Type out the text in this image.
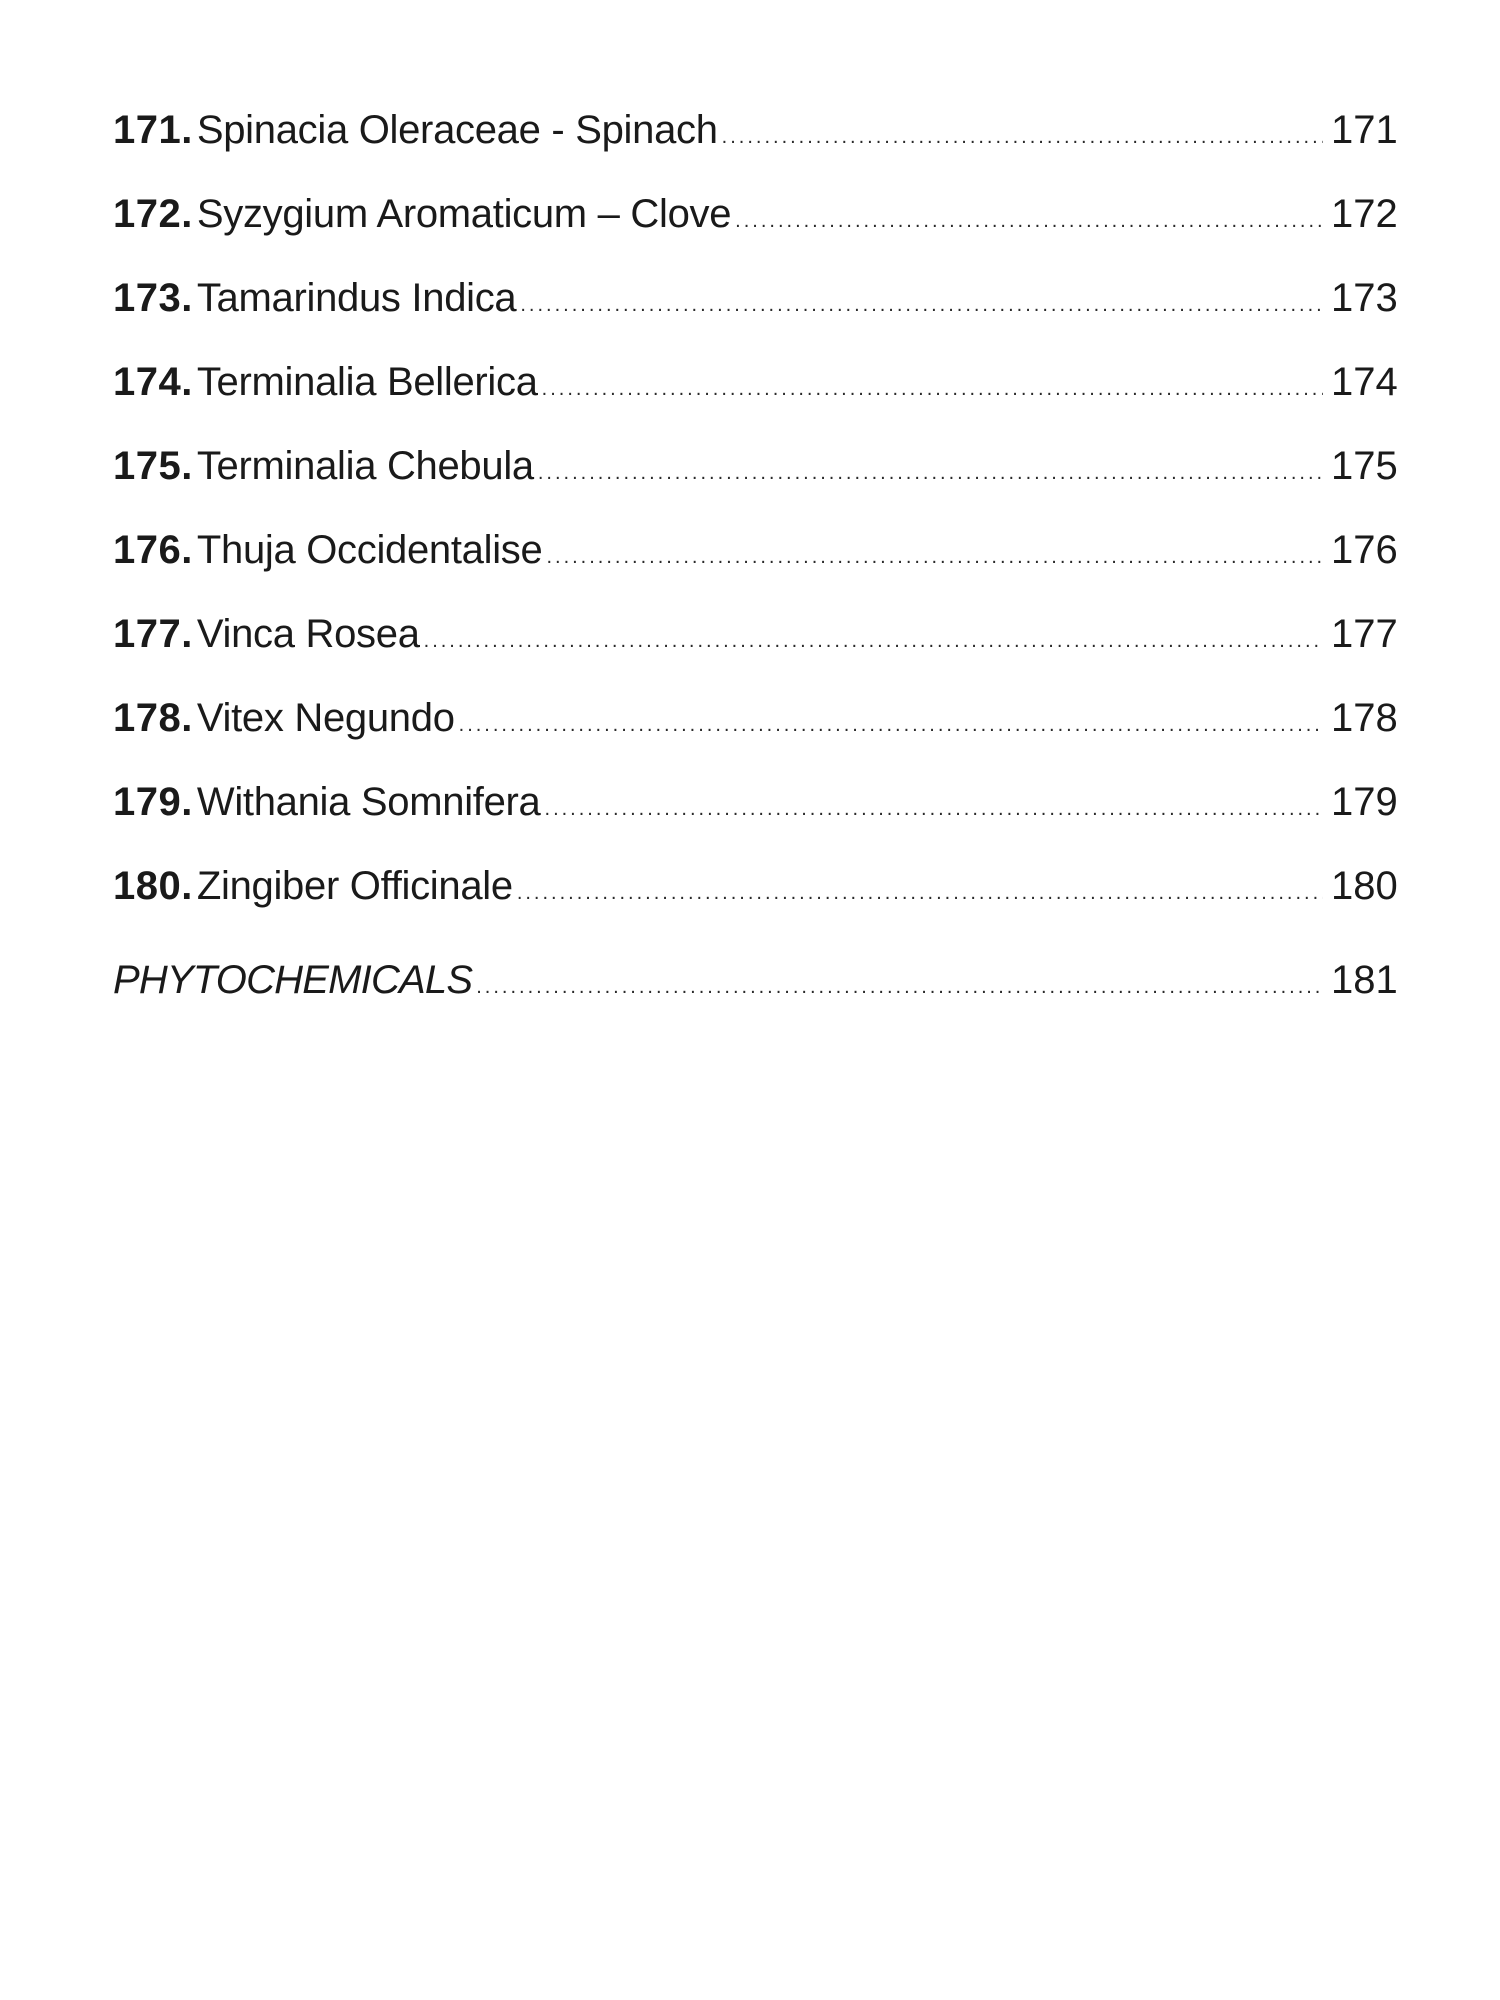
171. Spinacia Oleraceae - Spinach .....	171
172. Syzygium Aromaticum – Clove .....	172
173. Tamarindus Indica .....	173
174. Terminalia Bellerica .....	174
175. Terminalia Chebula .....	175
176. Thuja Occidentalise .....	176
177. Vinca Rosea .....	177
178. Vitex Negundo .....	178
179. Withania Somnifera .....	179
180. Zingiber Officinale .....	180
PHYTOCHEMICALS .....	181
